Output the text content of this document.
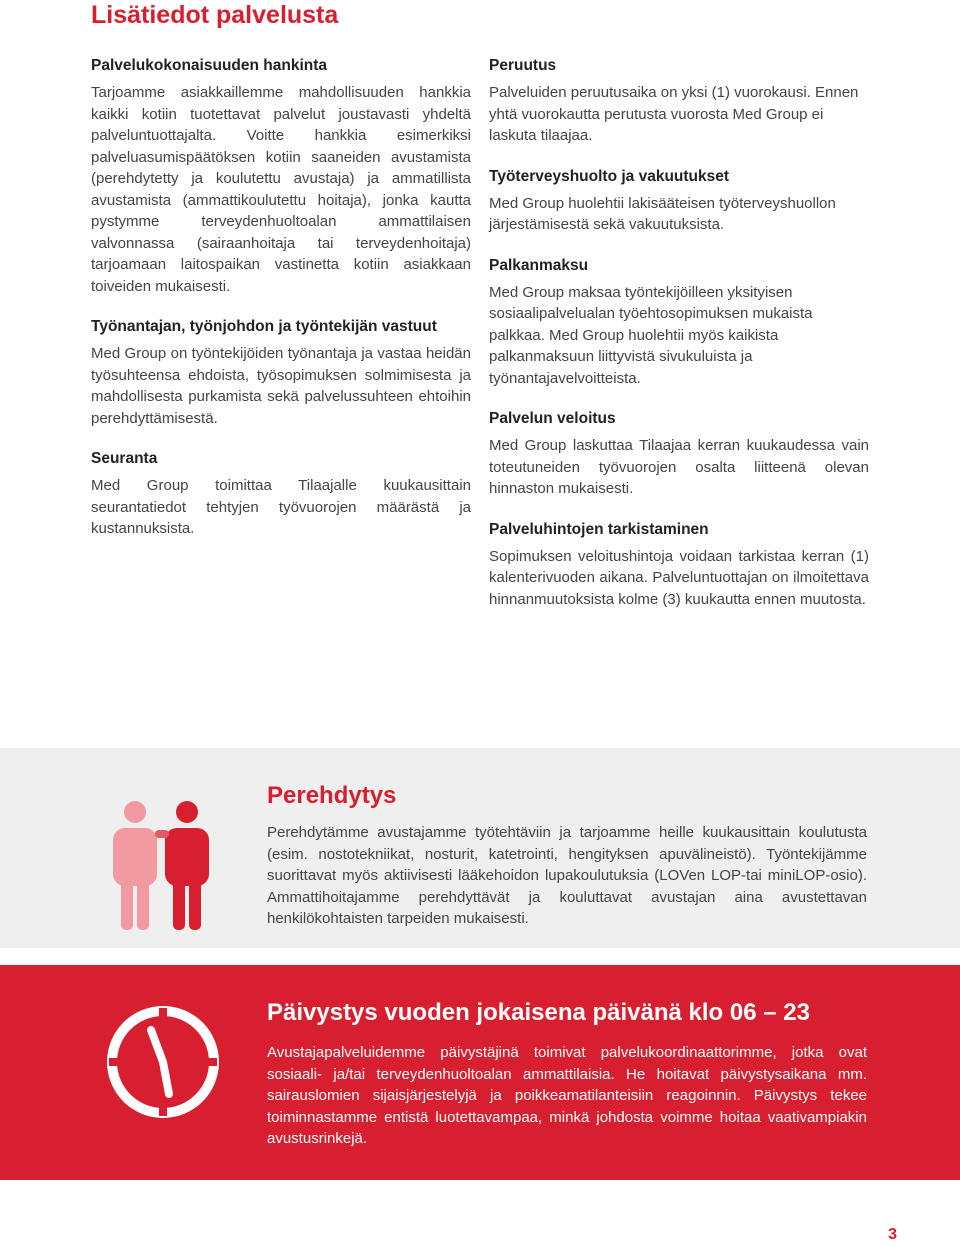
Lisätiedot palvelusta
Palvelukokonaisuuden hankinta

Tarjoamme asiakkaillemme mahdollisuuden hankkia kaikki kotiin tuotettavat palvelut joustavasti yhdeltä palveluntuottajalta. Voitte hankkia esimerkiksi palveluasumispäätöksen kotiin saaneiden avustamista (perehdytetty ja koulutettu avustaja) ja ammatillista avustamista (ammattikoulutettu hoitaja), jonka kautta pystymme terveydenhuoltoalan ammattilaisen valvonnassa (sairaanhoitaja tai terveydenhoitaja) tarjoamaan laitospaikan vastinetta kotiin asiakkaan toiveiden mukaisesti.

Työnantajan, työnjohdon ja työntekijän vastuut

Med Group on työntekijöiden työnantaja ja vastaa heidän työsuhteensa ehdoista, työsopimuksen solmimisesta ja mahdollisesta purkamista sekä palvelussuhteen ehtoihin perehdyttämisestä.

Seuranta

Med Group toimittaa Tilaajalle kuukausittain seurantatiedot tehtyjen työvuorojen määrästä ja kustannuksista.

Peruutus

Palveluiden peruutusaika on yksi (1) vuorokausi. Ennen yhtä vuorokautta perutusta vuorosta Med Group ei laskuta tilaajaa.

Työterveyshuolto ja vakuutukset

Med Group huolehtii lakisääteisen työterveyshuollon järjestämisestä sekä vakuutuksista.

Palkanmaksu

Med Group maksaa työntekijöilleen yksityisen sosiaalipalvelualan työehtosopimuksen mukaista palkkaa. Med Group huolehtii myös kaikista palkanmaksuun liittyvistä sivukuluista ja työnantajavelvoitteista.

Palvelun veloitus

Med Group laskuttaa Tilaajaa kerran kuukaudessa vain toteutuneiden työvuorojen osalta liitteenä olevan hinnaston mukaisesti.

Palveluhintojen tarkistaminen

Sopimuksen veloitushintoja voidaan tarkistaa kerran (1) kalenterivuoden aikana. Palveluntuottajan on ilmoitettava hinnanmuutoksista kolme (3) kuukautta ennen muutosta.

Perehdytys
Perehdytämme avustajamme työtehtäviin ja tarjoamme heille kuukausittain koulutusta (esim. nostotekniikat, nosturit, katetrointi, hengityksen apuvälineistö). Työntekijämme suorittavat myös aktiivisesti lääkehoidon lupakoulutuksia (LOVen LOP-tai miniLOP-osio). Ammattihoitajamme perehdyttävät ja kouluttavat avustajan aina avustettavan henkilökohtaisten tarpeiden mukaisesti.
Päivystys vuoden jokaisena päivänä klo 06 – 23
Avustajapalveluidemme päivystäjinä toimivat palvelukoordinaattorimme, jotka ovat sosiaali- ja/tai terveydenhuoltoalan ammattilaisia. He hoitavat päivystysaikana mm. sairauslomien sijaisjärjestelyjä ja poikkeamatilanteisiin reagoinnin. Päivystys tekee toiminnastamme entistä luotettavampaa, minkä johdosta voimme hoitaa vaativampiakin avustusrinkejä.
3
